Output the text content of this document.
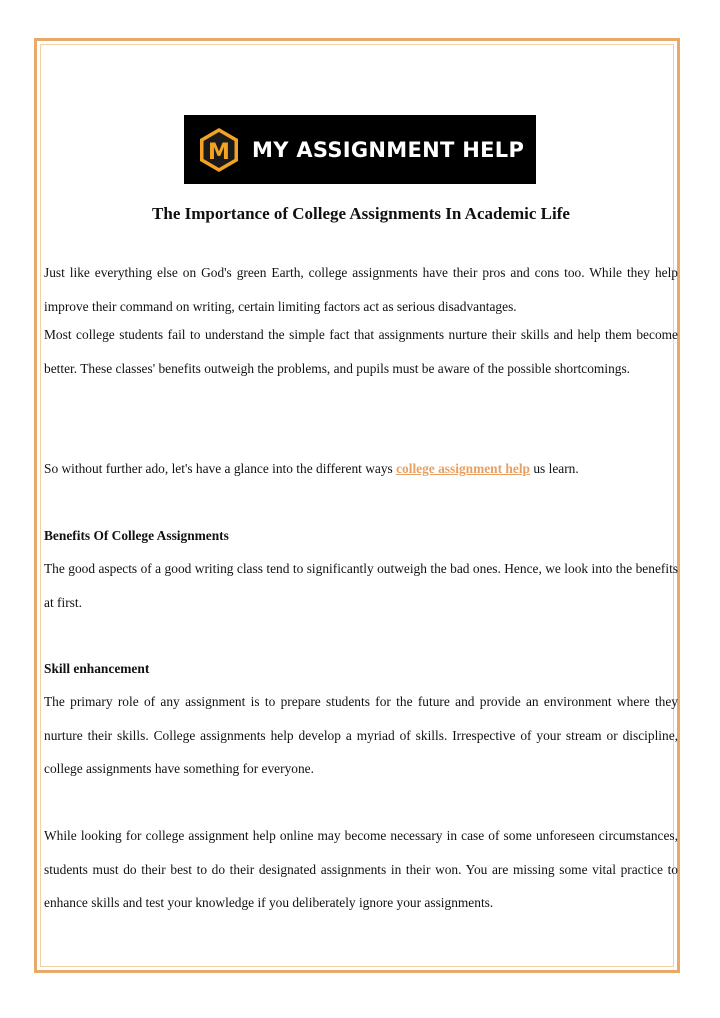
M MY ASSIGNMENT HELP
The Importance of College Assignments In Academic Life
Just like everything else on God's green Earth, college assignments have their pros and cons too. While they help improve their command on writing, certain limiting factors act as serious disadvantages.
Most college students fail to understand the simple fact that assignments nurture their skills and help them become better. These classes' benefits outweigh the problems, and pupils must be aware of the possible shortcomings.
So without further ado, let's have a glance into the different ways college assignment help us learn.
Benefits Of College Assignments
The good aspects of a good writing class tend to significantly outweigh the bad ones. Hence, we look into the benefits at first.
Skill enhancement
The primary role of any assignment is to prepare students for the future and provide an environment where they nurture their skills. College assignments help develop a myriad of skills. Irrespective of your stream or discipline, college assignments have something for everyone.
While looking for college assignment help online may become necessary in case of some unforeseen circumstances, students must do their best to do their designated assignments in their won. You are missing some vital practice to enhance skills and test your knowledge if you deliberately ignore your assignments.
